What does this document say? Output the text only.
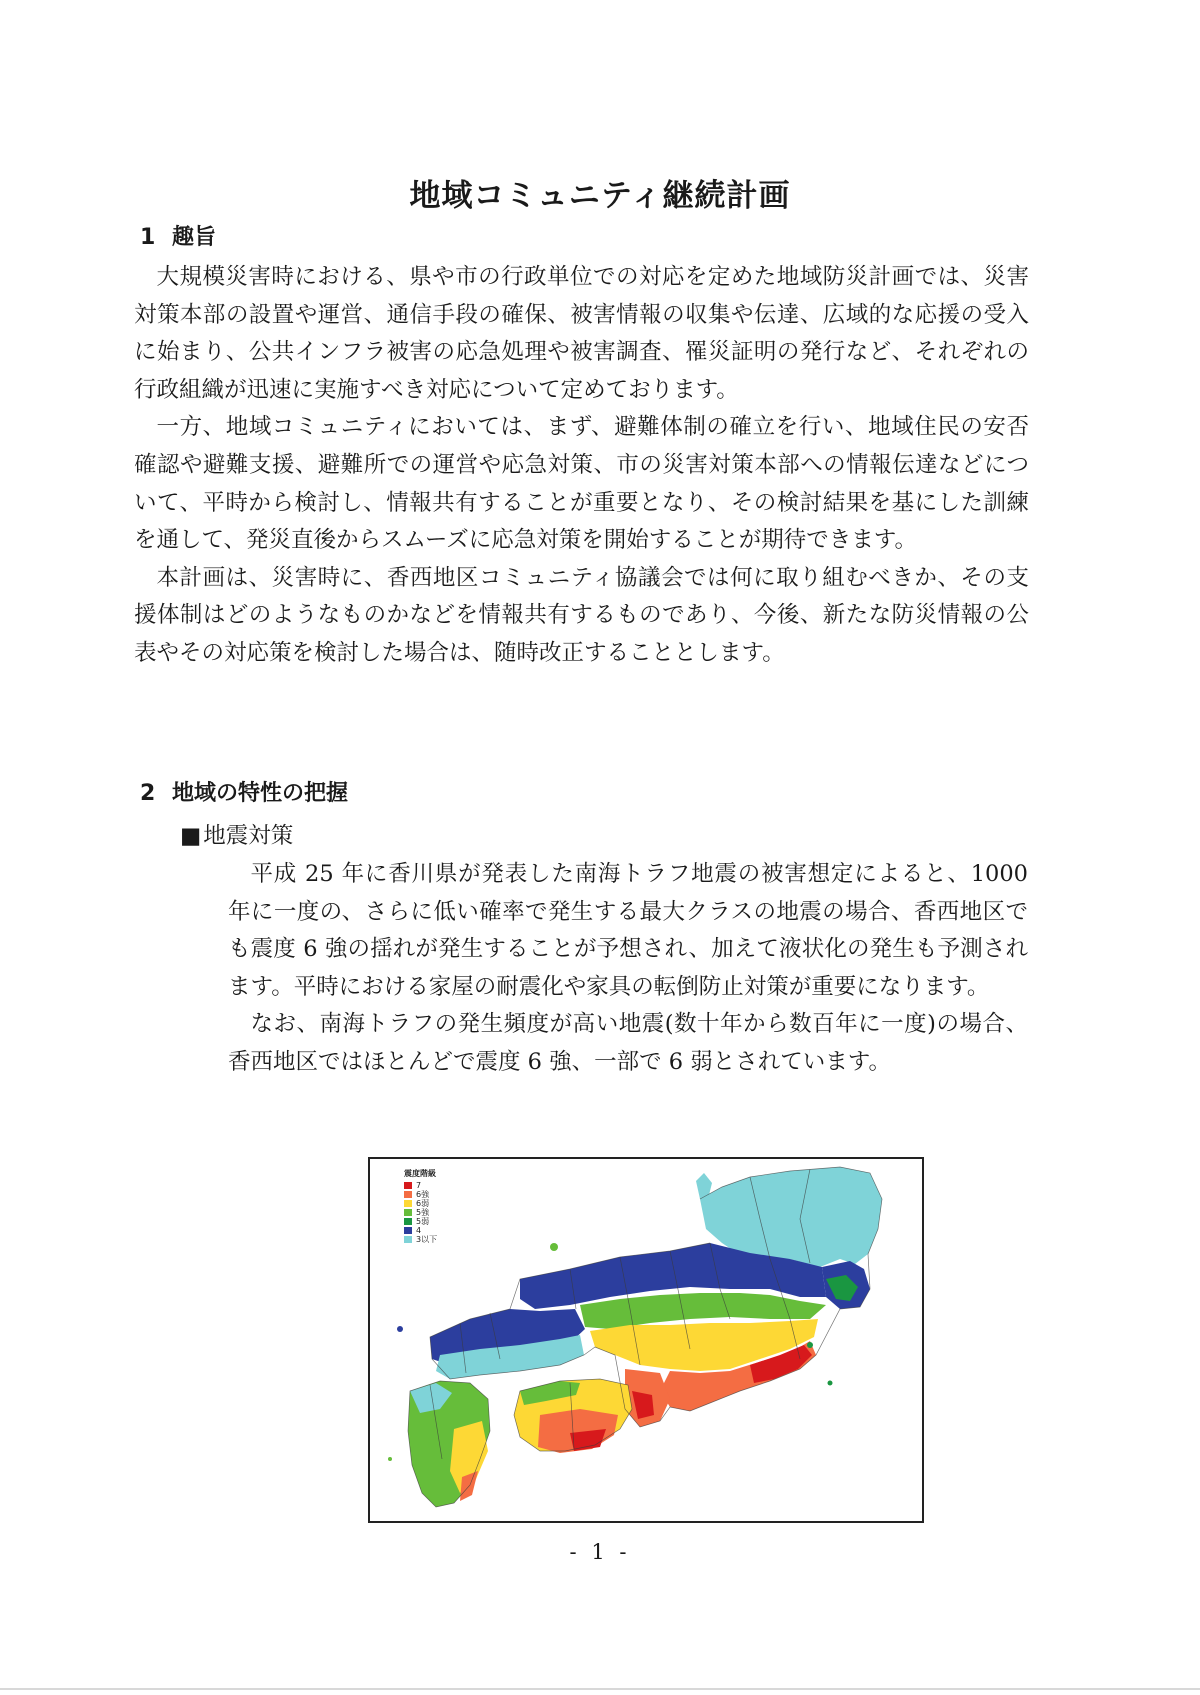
地域コミュニティ継続計画
1 趣旨

大規模災害時における、県や市の行政単位での対応を定めた地域防災計画では、災害対策本部の設置や運営、通信手段の確保、被害情報の収集や伝達、広域的な応援の受入に始まり、公共インフラ被害の応急処理や被害調査、罹災証明の発行など、それぞれの行政組織が迅速に実施すべき対応について定めております。

一方、地域コミュニティにおいては、まず、避難体制の確立を行い、地域住民の安否確認や避難支援、避難所での運営や応急対策、市の災害対策本部への情報伝達などについて、平時から検討し、情報共有することが重要となり、その検討結果を基にした訓練を通して、発災直後からスムーズに応急対策を開始することが期待できます。

本計画は、災害時に、香西地区コミュニティ協議会では何に取り組むべきか、その支援体制はどのようなものかなどを情報共有するものであり、今後、新たな防災情報の公表やその対応策を検討した場合は、随時改正することとします。

2 地域の特性の把握
■地震対策

平成 25 年に香川県が発表した南海トラフ地震の被害想定によると、1000 年に一度の、さらに低い確率で発生する最大クラスの地震の場合、香西地区でも震度 6 強の揺れが発生することが予想され、加えて液状化の発生も予測されます。平時における家屋の耐震化や家具の転倒防止対策が重要になります。

なお、南海トラフの発生頻度が高い地震(数十年から数百年に一度)の場合、香西地区ではほとんどで震度 6 強、一部で 6 弱とされています。

震度階級
7
6強
6弱
5強
5弱
4
3以下
- 1 -
